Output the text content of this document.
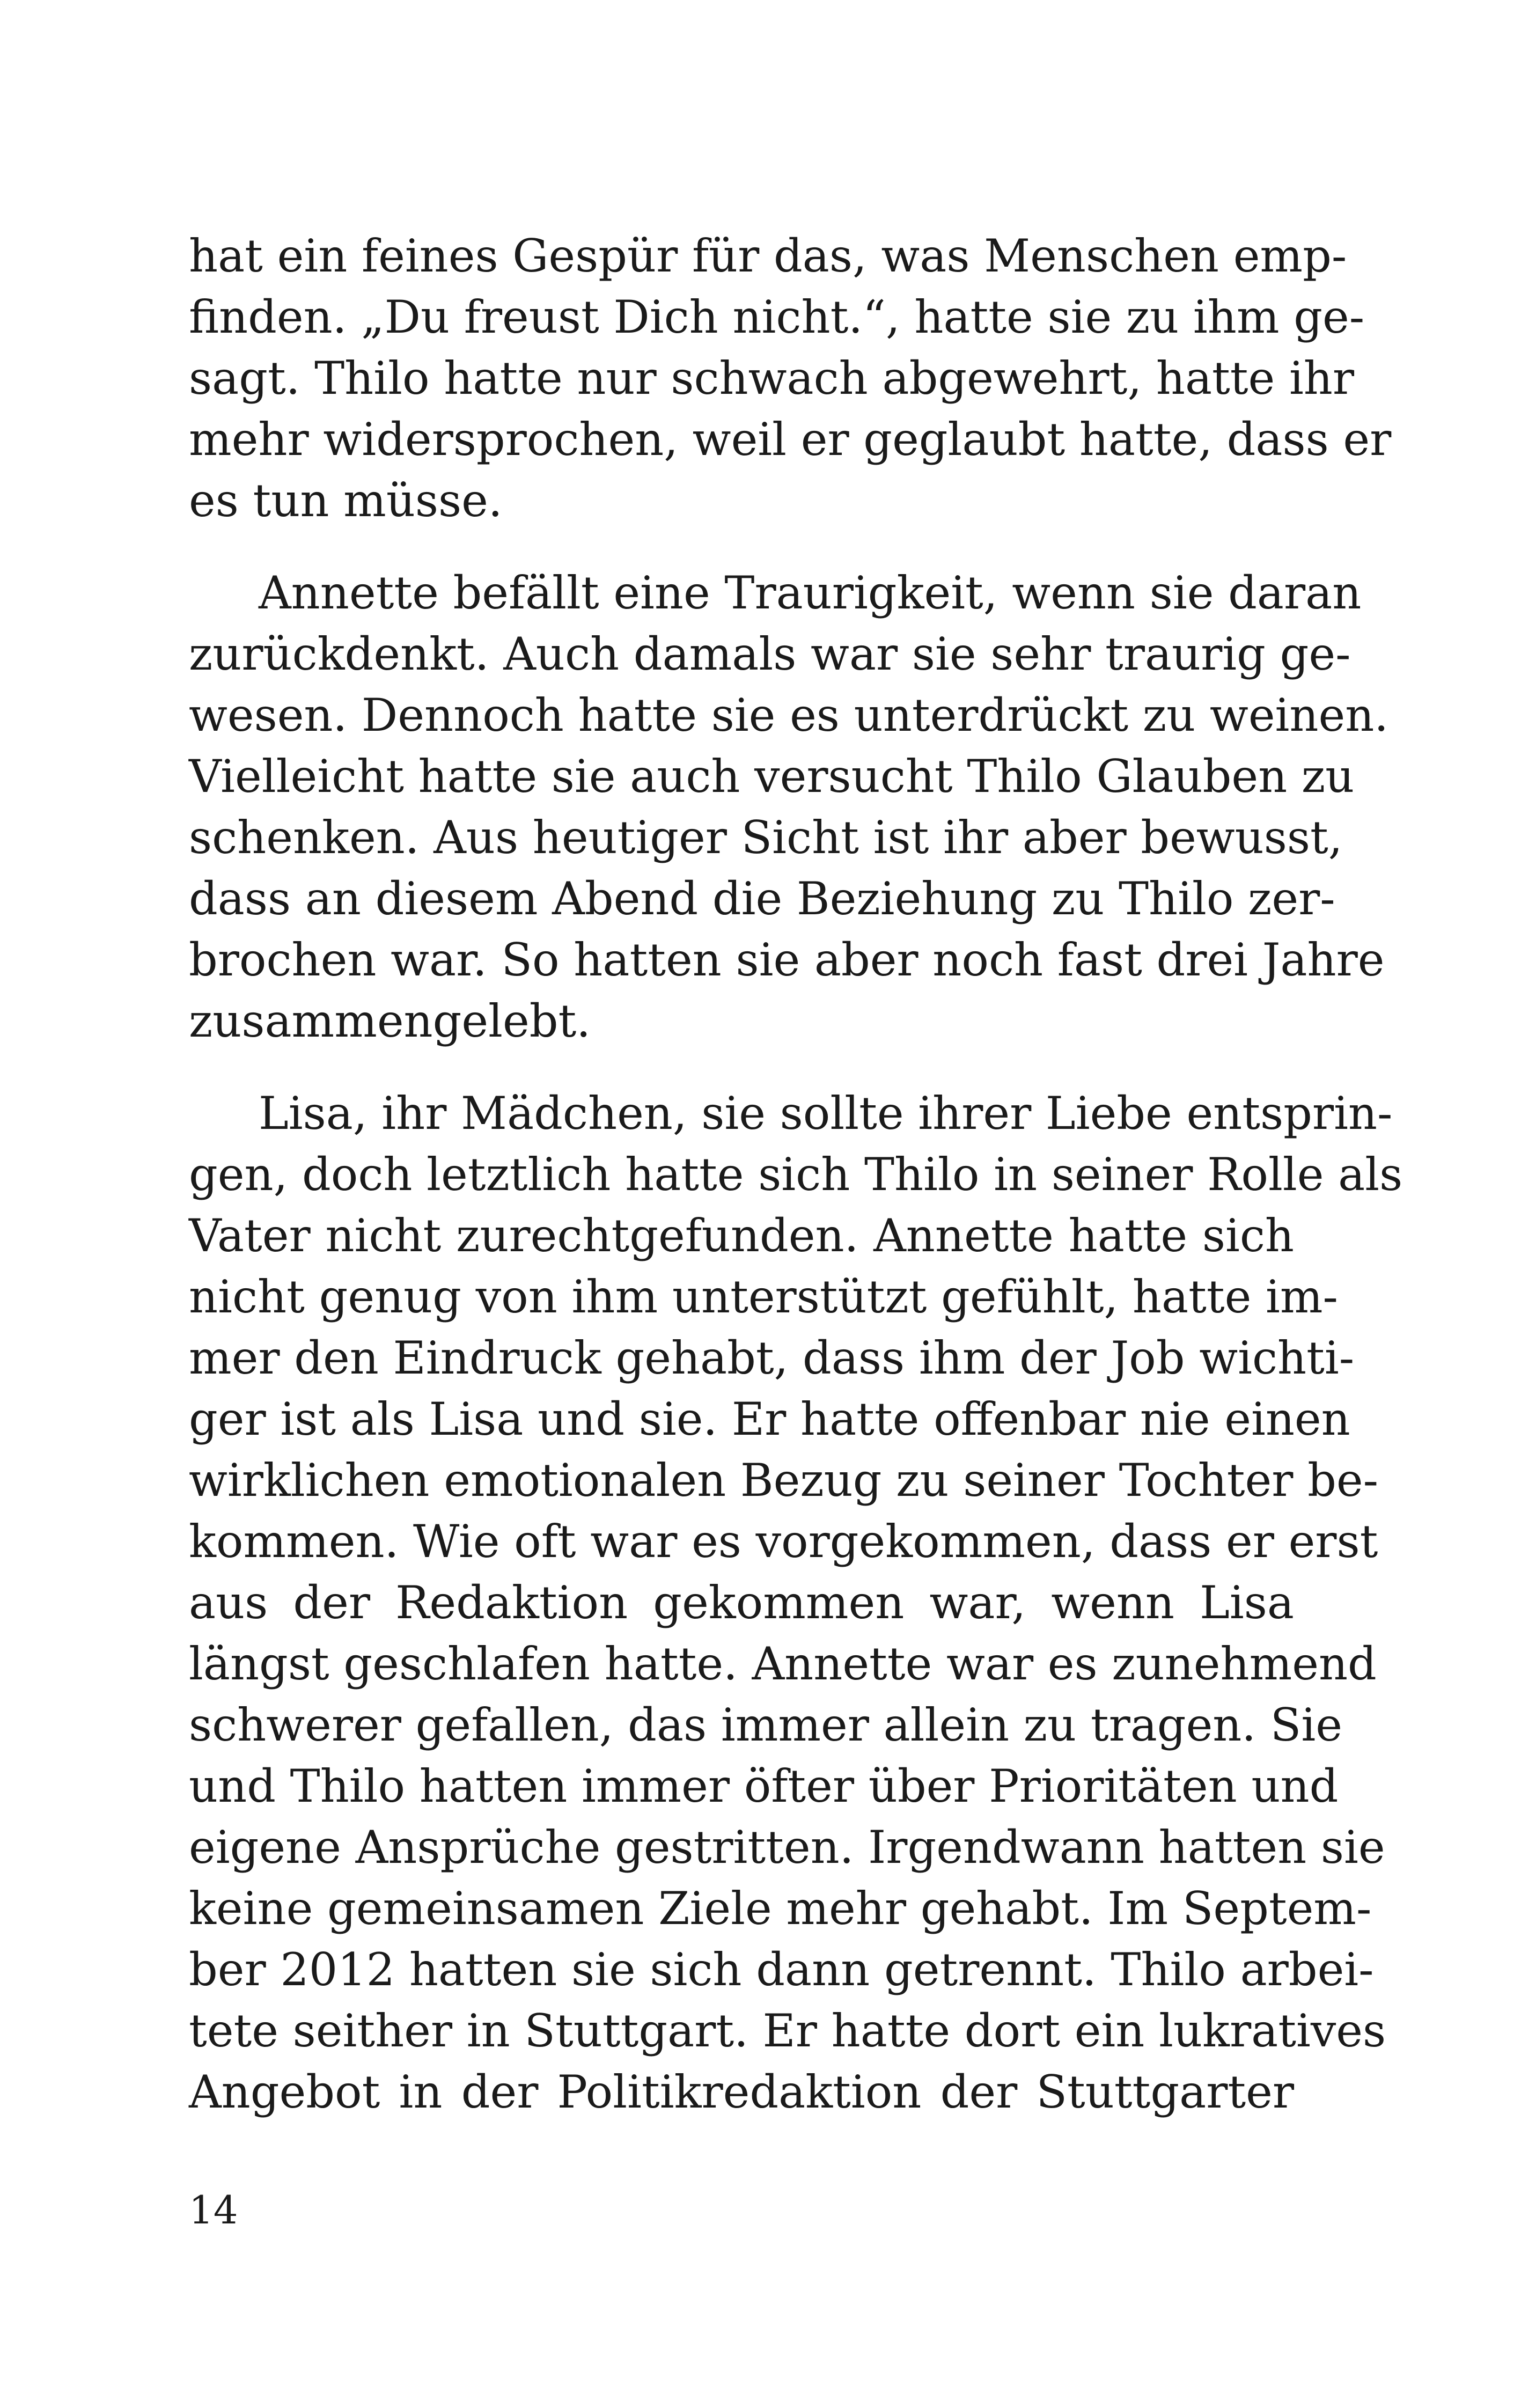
hat ein feines Gespür für das, was Menschen emp-
finden. „Du freust Dich nicht.“, hatte sie zu ihm ge-
sagt. Thilo hatte nur schwach abgewehrt, hatte ihr
mehr widersprochen, weil er geglaubt hatte, dass er
es tun müsse.

Annette befällt eine Traurigkeit, wenn sie daran
zurückdenkt. Auch damals war sie sehr traurig ge-
wesen. Dennoch hatte sie es unterdrückt zu weinen.
Vielleicht hatte sie auch versucht Thilo Glauben zu
schenken. Aus heutiger Sicht ist ihr aber bewusst,
dass an diesem Abend die Beziehung zu Thilo zer-
brochen war. So hatten sie aber noch fast drei Jahre
zusammengelebt.

Lisa, ihr Mädchen, sie sollte ihrer Liebe entsprin-
gen, doch letztlich hatte sich Thilo in seiner Rolle als
Vater nicht zurechtgefunden. Annette hatte sich
nicht genug von ihm unterstützt gefühlt, hatte im-
mer den Eindruck gehabt, dass ihm der Job wichti-
ger ist als Lisa und sie. Er hatte offenbar nie einen
wirklichen emotionalen Bezug zu seiner Tochter be-
kommen. Wie oft war es vorgekommen, dass er erst
aus der Redaktion gekommen war, wenn Lisa
längst geschlafen hatte. Annette war es zunehmend
schwerer gefallen, das immer allein zu tragen. Sie
und Thilo hatten immer öfter über Prioritäten und
eigene Ansprüche gestritten. Irgendwann hatten sie
keine gemeinsamen Ziele mehr gehabt. Im Septem-
ber 2012 hatten sie sich dann getrennt. Thilo arbei-
tete seither in Stuttgart. Er hatte dort ein lukratives
Angebot in der Politikredaktion der Stuttgarter

14
